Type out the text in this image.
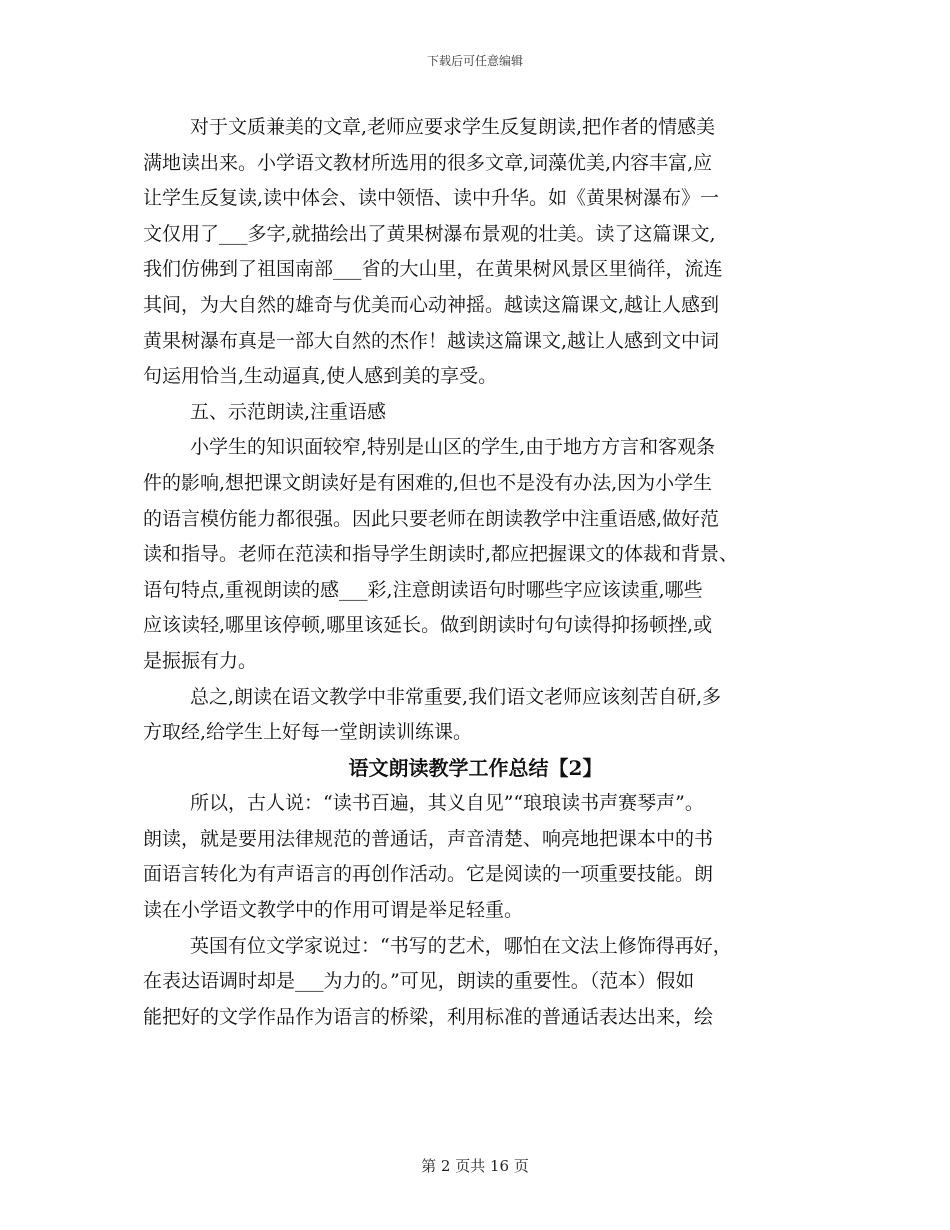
下载后可任意编辑
对于文质兼美的文章,老师应要求学生反复朗读,把作者的情感美
满地读出来。小学语文教材所选用的很多文章,词藻优美,内容丰富,应
让学生反复读,读中体会、读中领悟、读中升华。如《黄果树瀑布》一
文仅用了___多字,就描绘出了黄果树瀑布景观的壮美。读了这篇课文,
我们仿佛到了祖国南部___省的大山里，在黄果树风景区里徜徉，流连
其间，为大自然的雄奇与优美而心动神摇。越读这篇课文,越让人感到
黄果树瀑布真是一部大自然的杰作！越读这篇课文,越让人感到文中词
句运用恰当,生动逼真,使人感到美的享受。
五、示范朗读,注重语感
小学生的知识面较窄,特别是山区的学生,由于地方方言和客观条
件的影响,想把课文朗读好是有困难的,但也不是没有办法,因为小学生
的语言模仿能力都很强。因此只要老师在朗读教学中注重语感,做好范
读和指导。老师在范渎和指导学生朗读时,都应把握课文的体裁和背景、
语句特点,重视朗读的感___彩,注意朗读语句时哪些字应该读重,哪些
应该读轻,哪里该停顿,哪里该延长。做到朗读时句句读得抑扬顿挫,或
是振振有力。
总之,朗读在语文教学中非常重要,我们语文老师应该刻苦自研,多
方取经,给学生上好每一堂朗读训练课。
语文朗读教学工作总结【2】
所以，古人说：“读书百遍，其义自见”“琅琅读书声赛琴声”。
朗读，就是要用法律规范的普通话，声音清楚、响亮地把课本中的书
面语言转化为有声语言的再创作活动。它是阅读的一项重要技能。朗
读在小学语文教学中的作用可谓是举足轻重。
英国有位文学家说过：“书写的艺术，哪怕在文法上修饰得再好，
在表达语调时却是___为力的。”可见，朗读的重要性。（范本）假如
能把好的文学作品作为语言的桥梁，利用标准的普通话表达出来，绘
第 2 页共 16 页
